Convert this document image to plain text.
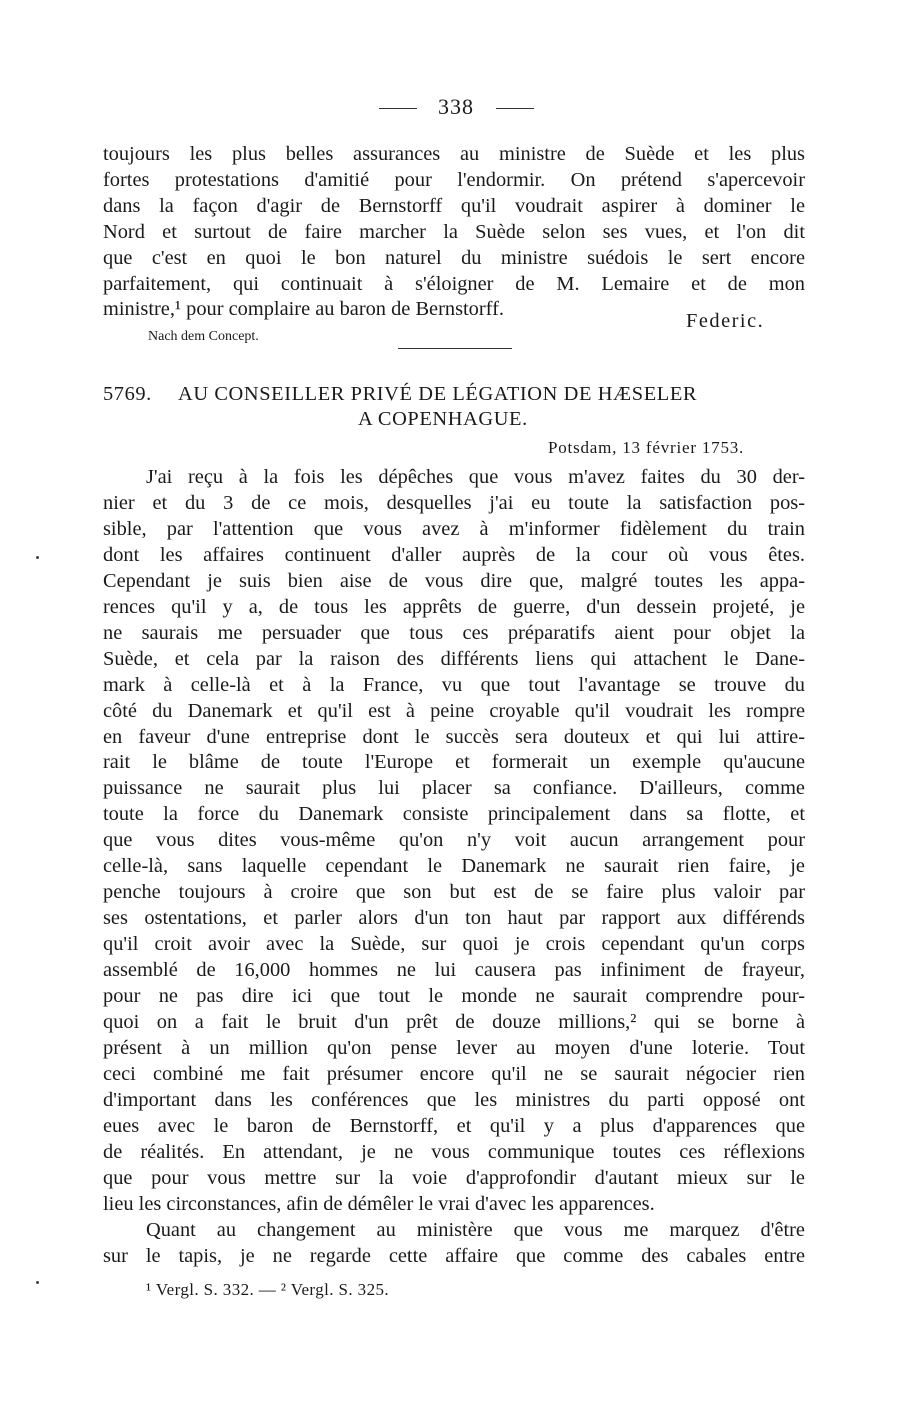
338
toujours les plus belles assurances au ministre de Suède et les plus
fortes protestations d'amitié pour l'endormir. On prétend s'apercevoir
dans la façon d'agir de Bernstorff qu'il voudrait aspirer à dominer le
Nord et surtout de faire marcher la Suède selon ses vues, et l'on dit
que c'est en quoi le bon naturel du ministre suédois le sert encore
parfaitement, qui continuait à s'éloigner de M. Lemaire et de mon
ministre,¹ pour complaire au baron de Bernstorff.
Federic.
Nach dem Concept.
5769. AU CONSEILLER PRIVÉ DE LÉGATION DE HÆSELER
A COPENHAGUE.
Potsdam, 13 février 1753.
J'ai reçu à la fois les dépêches que vous m'avez faites du 30 der-
nier et du 3 de ce mois, desquelles j'ai eu toute la satisfaction pos-
sible, par l'attention que vous avez à m'informer fidèlement du train
dont les affaires continuent d'aller auprès de la cour où vous êtes.
Cependant je suis bien aise de vous dire que, malgré toutes les appa-
rences qu'il y a, de tous les apprêts de guerre, d'un dessein projeté, je
ne saurais me persuader que tous ces préparatifs aient pour objet la
Suède, et cela par la raison des différents liens qui attachent le Dane-
mark à celle-là et à la France, vu que tout l'avantage se trouve du
côté du Danemark et qu'il est à peine croyable qu'il voudrait les rompre
en faveur d'une entreprise dont le succès sera douteux et qui lui attire-
rait le blâme de toute l'Europe et formerait un exemple qu'aucune
puissance ne saurait plus lui placer sa confiance. D'ailleurs, comme
toute la force du Danemark consiste principalement dans sa flotte, et
que vous dites vous-même qu'on n'y voit aucun arrangement pour
celle-là, sans laquelle cependant le Danemark ne saurait rien faire, je
penche toujours à croire que son but est de se faire plus valoir par
ses ostentations, et parler alors d'un ton haut par rapport aux différends
qu'il croit avoir avec la Suède, sur quoi je crois cependant qu'un corps
assemblé de 16,000 hommes ne lui causera pas infiniment de frayeur,
pour ne pas dire ici que tout le monde ne saurait comprendre pour-
quoi on a fait le bruit d'un prêt de douze millions,² qui se borne à
présent à un million qu'on pense lever au moyen d'une loterie. Tout
ceci combiné me fait présumer encore qu'il ne se saurait négocier rien
d'important dans les conférences que les ministres du parti opposé ont
eues avec le baron de Bernstorff, et qu'il y a plus d'apparences que
de réalités. En attendant, je ne vous communique toutes ces réflexions
que pour vous mettre sur la voie d'approfondir d'autant mieux sur le
lieu les circonstances, afin de démêler le vrai d'avec les apparences.
Quant au changement au ministère que vous me marquez d'être
sur le tapis, je ne regarde cette affaire que comme des cabales entre
¹ Vergl. S. 332. — ² Vergl. S. 325.
